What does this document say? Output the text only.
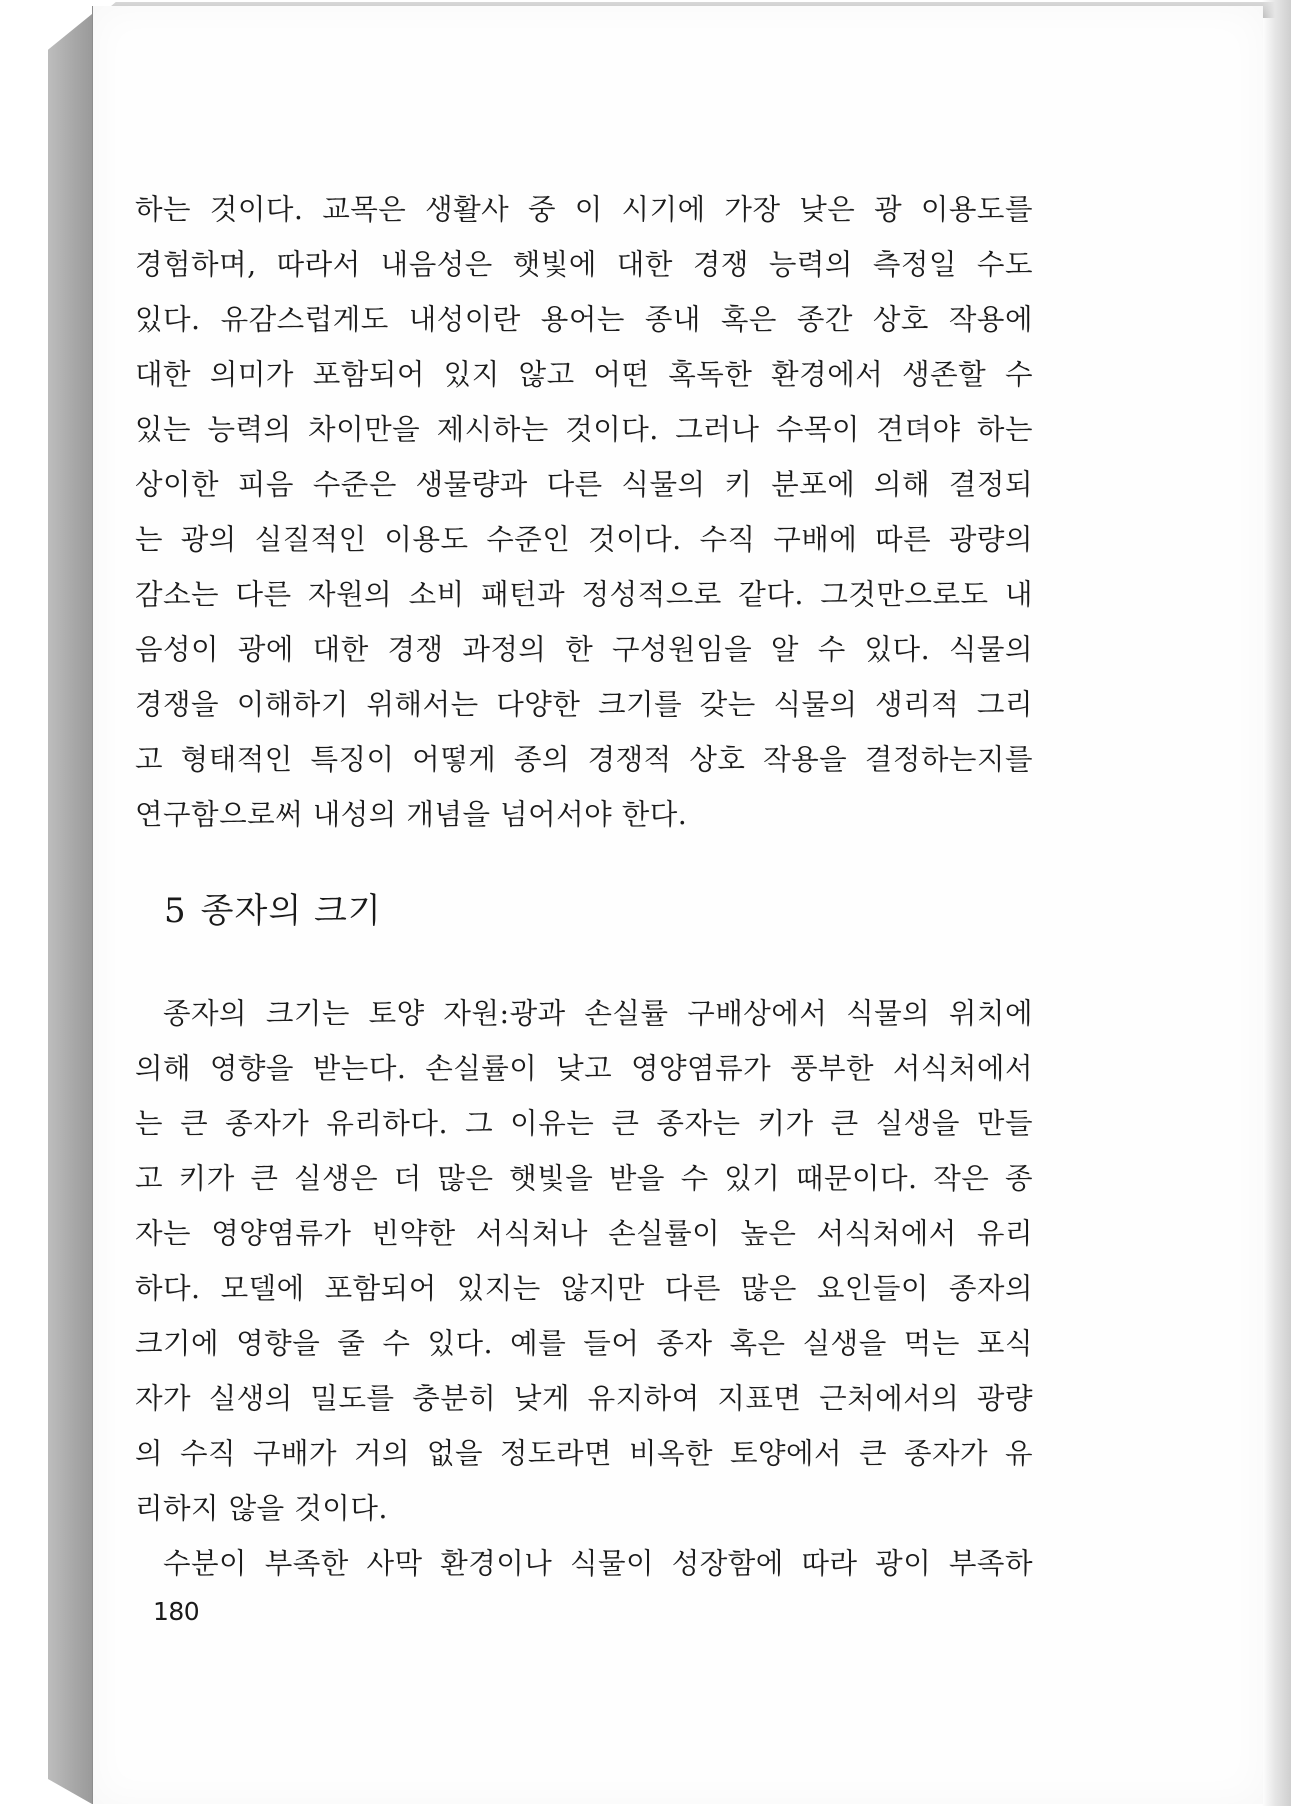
하는 것이다. 교목은 생활사 중 이 시기에 가장 낮은 광 이용도를
경험하며, 따라서 내음성은 햇빛에 대한 경쟁 능력의 측정일 수도
있다. 유감스럽게도 내성이란 용어는 종내 혹은 종간 상호 작용에
대한 의미가 포함되어 있지 않고 어떤 혹독한 환경에서 생존할 수
있는 능력의 차이만을 제시하는 것이다. 그러나 수목이 견뎌야 하는
상이한 피음 수준은 생물량과 다른 식물의 키 분포에 의해 결정되
는 광의 실질적인 이용도 수준인 것이다. 수직 구배에 따른 광량의
감소는 다른 자원의 소비 패턴과 정성적으로 같다. 그것만으로도 내
음성이 광에 대한 경쟁 과정의 한 구성원임을 알 수 있다. 식물의
경쟁을 이해하기 위해서는 다양한 크기를 갖는 식물의 생리적 그리
고 형태적인 특징이 어떻게 종의 경쟁적 상호 작용을 결정하는지를
연구함으로써 내성의 개념을 넘어서야 한다.
5 종자의 크기
종자의 크기는 토양 자원:광과 손실률 구배상에서 식물의 위치에
의해 영향을 받는다. 손실률이 낮고 영양염류가 풍부한 서식처에서
는 큰 종자가 유리하다. 그 이유는 큰 종자는 키가 큰 실생을 만들
고 키가 큰 실생은 더 많은 햇빛을 받을 수 있기 때문이다. 작은 종
자는 영양염류가 빈약한 서식처나 손실률이 높은 서식처에서 유리
하다. 모델에 포함되어 있지는 않지만 다른 많은 요인들이 종자의
크기에 영향을 줄 수 있다. 예를 들어 종자 혹은 실생을 먹는 포식
자가 실생의 밀도를 충분히 낮게 유지하여 지표면 근처에서의 광량
의 수직 구배가 거의 없을 정도라면 비옥한 토양에서 큰 종자가 유
리하지 않을 것이다.
수분이 부족한 사막 환경이나 식물이 성장함에 따라 광이 부족하
180
